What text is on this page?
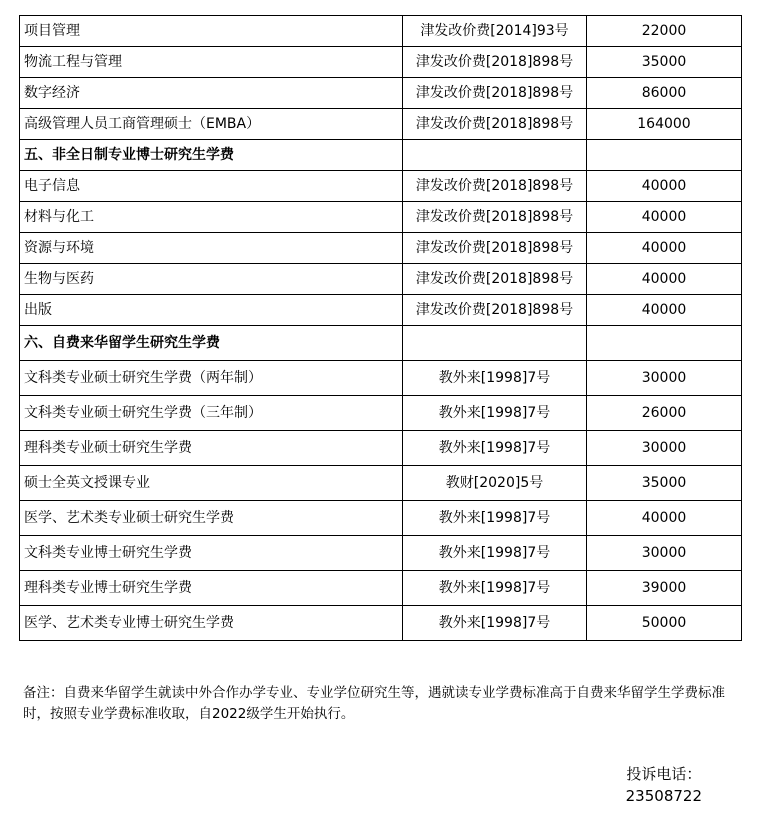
项目管理	津发改价费[2014]93号	22000
物流工程与管理	津发改价费[2018]898号	35000
数字经济	津发改价费[2018]898号	86000
高级管理人员工商管理硕士（EMBA）	津发改价费[2018]898号	164000
五、非全日制专业博士研究生学费		
电子信息	津发改价费[2018]898号	40000
材料与化工	津发改价费[2018]898号	40000
资源与环境	津发改价费[2018]898号	40000
生物与医药	津发改价费[2018]898号	40000
出版	津发改价费[2018]898号	40000
六、自费来华留学生研究生学费		
文科类专业硕士研究生学费（两年制）	教外来[1998]7号	30000
文科类专业硕士研究生学费（三年制）	教外来[1998]7号	26000
理科类专业硕士研究生学费	教外来[1998]7号	30000
硕士全英文授课专业	教财[2020]5号	35000
医学、艺术类专业硕士研究生学费	教外来[1998]7号	40000
文科类专业博士研究生学费	教外来[1998]7号	30000
理科类专业博士研究生学费	教外来[1998]7号	39000
医学、艺术类专业博士研究生学费	教外来[1998]7号	50000
备注：自费来华留学生就读中外合作办学专业、专业学位研究生等，遇就读专业学费标准高于自费来华留学生学费标准时，按照专业学费标准收取，自2022级学生开始执行。
投诉电话：
23508722
